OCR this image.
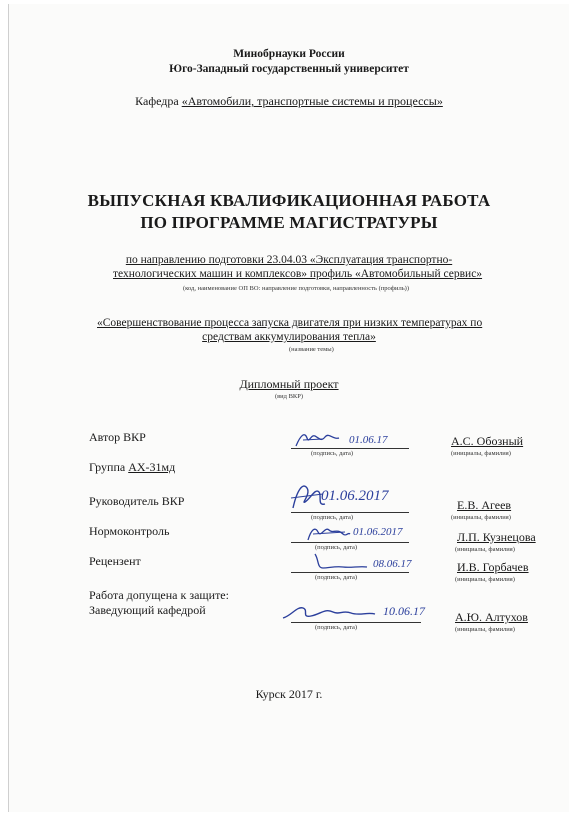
Минобрнауки России
Юго-Западный государственный университет
Кафедра «Автомобили, транспортные системы и процессы»
ВЫПУСКНАЯ КВАЛИФИКАЦИОННАЯ РАБОТА
ПО ПРОГРАММЕ МАГИСТРАТУРЫ
по направлению подготовки 23.04.03 «Эксплуатация транспортно-
технологических машин и комплексов» профиль «Автомобильный сервис»
(код, наименование ОП ВО: направление подготовки, направленность (профиль))
«Совершенствование процесса запуска двигателя при низких температурах по
средствам аккумулирования тепла»
(название темы)
Дипломный проект
(вид ВКР)
Автор ВКР	01.06.17
(подпись, дата)
А.С. Обозный
(инициалы, фамилия)
Группа АХ-31мд
Руководитель ВКР	01.06.2017
(подпись, дата)
Е.В. Агеев
(инициалы, фамилия)
Нормоконтроль	01.06.2017
(подпись, дата)
Л.П. Кузнецова
(инициалы, фамилия)
Рецензент	08.06.17
(подпись, дата)
И.В. Горбачев
(инициалы, фамилия)
Работа допущена к защите:
Заведующий кафедрой	10.06.17
(подпись, дата)
А.Ю. Алтухов
(инициалы, фамилия)
Курск 2017 г.
